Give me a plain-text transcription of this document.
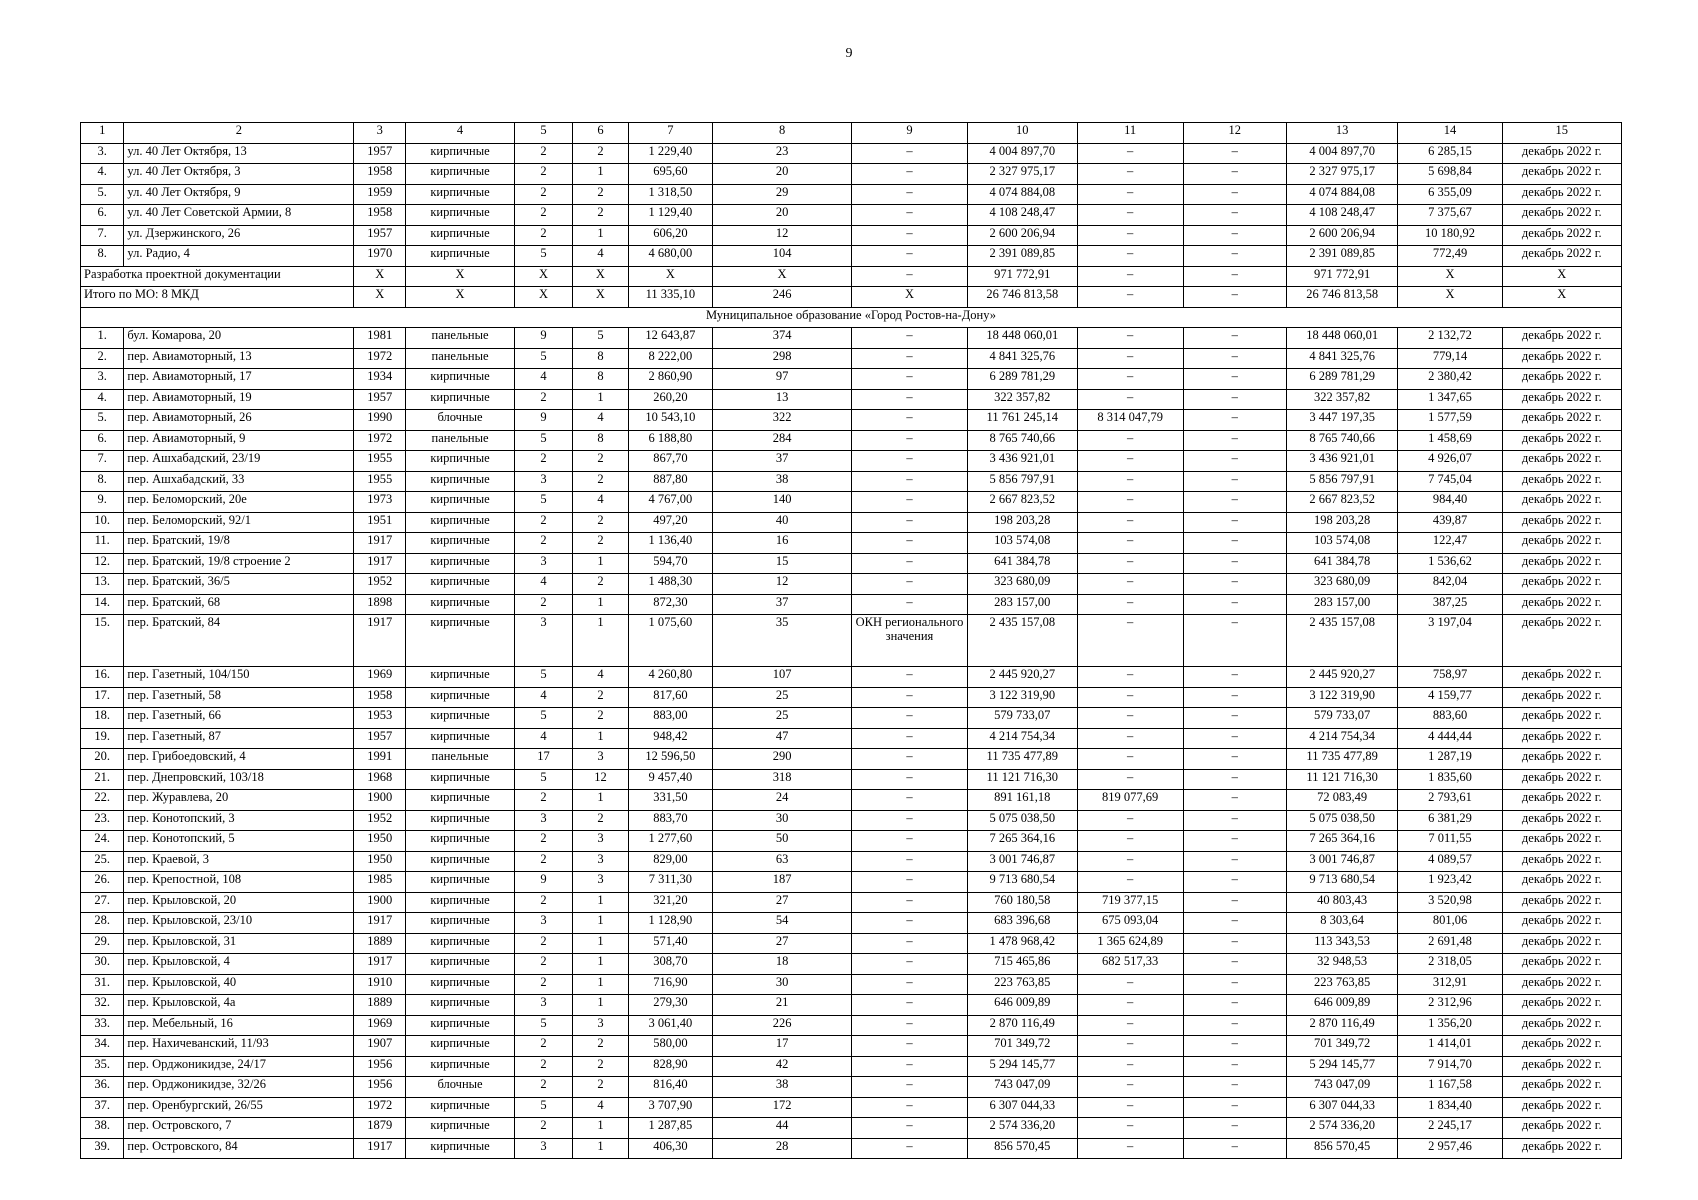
9
1	2	3	4	5	6	7	8	9	10	11	12	13	14	15
3.	ул. 40 Лет Октября, 13	1957	кирпичные	2	2	1 229,40	23	–	4 004 897,70	–	–	4 004 897,70	6 285,15	декабрь 2022 г.
4.	ул. 40 Лет Октября, 3	1958	кирпичные	2	1	695,60	20	–	2 327 975,17	–	–	2 327 975,17	5 698,84	декабрь 2022 г.
5.	ул. 40 Лет Октября, 9	1959	кирпичные	2	2	1 318,50	29	–	4 074 884,08	–	–	4 074 884,08	6 355,09	декабрь 2022 г.
6.	ул. 40 Лет Советской Армии, 8	1958	кирпичные	2	2	1 129,40	20	–	4 108 248,47	–	–	4 108 248,47	7 375,67	декабрь 2022 г.
7.	ул. Дзержинского, 26	1957	кирпичные	2	1	606,20	12	–	2 600 206,94	–	–	2 600 206,94	10 180,92	декабрь 2022 г.
8.	ул. Радио, 4	1970	кирпичные	5	4	4 680,00	104	–	2 391 089,85	–	–	2 391 089,85	772,49	декабрь 2022 г.
Разработка проектной документации		X	X	X	X	X	X	–	971 772,91	–	–	971 772,91	X	X
Итого по МО: 8 МКД		X	X	X	X	11 335,10	246	X	26 746 813,58	–	–	26 746 813,58	X	X
Муниципальное образование «Город Ростов-на-Дону»														
1.	бул. Комарова, 20	1981	панельные	9	5	12 643,87	374	–	18 448 060,01	–	–	18 448 060,01	2 132,72	декабрь 2022 г.
2.	пер. Авиамоторный, 13	1972	панельные	5	8	8 222,00	298	–	4 841 325,76	–	–	4 841 325,76	779,14	декабрь 2022 г.
3.	пер. Авиамоторный, 17	1934	кирпичные	4	8	2 860,90	97	–	6 289 781,29	–	–	6 289 781,29	2 380,42	декабрь 2022 г.
4.	пер. Авиамоторный, 19	1957	кирпичные	2	1	260,20	13	–	322 357,82	–	–	322 357,82	1 347,65	декабрь 2022 г.
5.	пер. Авиамоторный, 26	1990	блочные	9	4	10 543,10	322	–	11 761 245,14	8 314 047,79	–	3 447 197,35	1 577,59	декабрь 2022 г.
6.	пер. Авиамоторный, 9	1972	панельные	5	8	6 188,80	284	–	8 765 740,66	–	–	8 765 740,66	1 458,69	декабрь 2022 г.
7.	пер. Ашхабадский, 23/19	1955	кирпичные	2	2	867,70	37	–	3 436 921,01	–	–	3 436 921,01	4 926,07	декабрь 2022 г.
8.	пер. Ашхабадский, 33	1955	кирпичные	3	2	887,80	38	–	5 856 797,91	–	–	5 856 797,91	7 745,04	декабрь 2022 г.
9.	пер. Беломорский, 20е	1973	кирпичные	5	4	4 767,00	140	–	2 667 823,52	–	–	2 667 823,52	984,40	декабрь 2022 г.
10.	пер. Беломорский, 92/1	1951	кирпичные	2	2	497,20	40	–	198 203,28	–	–	198 203,28	439,87	декабрь 2022 г.
11.	пер. Братский, 19/8	1917	кирпичные	2	2	1 136,40	16	–	103 574,08	–	–	103 574,08	122,47	декабрь 2022 г.
12.	пер. Братский, 19/8 строение 2	1917	кирпичные	3	1	594,70	15	–	641 384,78	–	–	641 384,78	1 536,62	декабрь 2022 г.
13.	пер. Братский, 36/5	1952	кирпичные	4	2	1 488,30	12	–	323 680,09	–	–	323 680,09	842,04	декабрь 2022 г.
14.	пер. Братский, 68	1898	кирпичные	2	1	872,30	37	–	283 157,00	–	–	283 157,00	387,25	декабрь 2022 г.
15.	пер. Братский, 84	1917	кирпичные	3	1	1 075,60	35	ОКН регионального значения	2 435 157,08	–	–	2 435 157,08	3 197,04	декабрь 2022 г.
16.	пер. Газетный, 104/150	1969	кирпичные	5	4	4 260,80	107	–	2 445 920,27	–	–	2 445 920,27	758,97	декабрь 2022 г.
17.	пер. Газетный, 58	1958	кирпичные	4	2	817,60	25	–	3 122 319,90	–	–	3 122 319,90	4 159,77	декабрь 2022 г.
18.	пер. Газетный, 66	1953	кирпичные	5	2	883,00	25	–	579 733,07	–	–	579 733,07	883,60	декабрь 2022 г.
19.	пер. Газетный, 87	1957	кирпичные	4	1	948,42	47	–	4 214 754,34	–	–	4 214 754,34	4 444,44	декабрь 2022 г.
20.	пер. Грибоедовский, 4	1991	панельные	17	3	12 596,50	290	–	11 735 477,89	–	–	11 735 477,89	1 287,19	декабрь 2022 г.
21.	пер. Днепровский, 103/18	1968	кирпичные	5	12	9 457,40	318	–	11 121 716,30	–	–	11 121 716,30	1 835,60	декабрь 2022 г.
22.	пер. Журавлева, 20	1900	кирпичные	2	1	331,50	24	–	891 161,18	819 077,69	–	72 083,49	2 793,61	декабрь 2022 г.
23.	пер. Конотопский, 3	1952	кирпичные	3	2	883,70	30	–	5 075 038,50	–	–	5 075 038,50	6 381,29	декабрь 2022 г.
24.	пер. Конотопский, 5	1950	кирпичные	2	3	1 277,60	50	–	7 265 364,16	–	–	7 265 364,16	7 011,55	декабрь 2022 г.
25.	пер. Краевой, 3	1950	кирпичные	2	3	829,00	63	–	3 001 746,87	–	–	3 001 746,87	4 089,57	декабрь 2022 г.
26.	пер. Крепостной, 108	1985	кирпичные	9	3	7 311,30	187	–	9 713 680,54	–	–	9 713 680,54	1 923,42	декабрь 2022 г.
27.	пер. Крыловской, 20	1900	кирпичные	2	1	321,20	27	–	760 180,58	719 377,15	–	40 803,43	3 520,98	декабрь 2022 г.
28.	пер. Крыловской, 23/10	1917	кирпичные	3	1	1 128,90	54	–	683 396,68	675 093,04	–	8 303,64	801,06	декабрь 2022 г.
29.	пер. Крыловской, 31	1889	кирпичные	2	1	571,40	27	–	1 478 968,42	1 365 624,89	–	113 343,53	2 691,48	декабрь 2022 г.
30.	пер. Крыловской, 4	1917	кирпичные	2	1	308,70	18	–	715 465,86	682 517,33	–	32 948,53	2 318,05	декабрь 2022 г.
31.	пер. Крыловской, 40	1910	кирпичные	2	1	716,90	30	–	223 763,85	–	–	223 763,85	312,91	декабрь 2022 г.
32.	пер. Крыловской, 4а	1889	кирпичные	3	1	279,30	21	–	646 009,89	–	–	646 009,89	2 312,96	декабрь 2022 г.
33.	пер. Мебельный, 16	1969	кирпичные	5	3	3 061,40	226	–	2 870 116,49	–	–	2 870 116,49	1 356,20	декабрь 2022 г.
34.	пер. Нахичеванский, 11/93	1907	кирпичные	2	2	580,00	17	–	701 349,72	–	–	701 349,72	1 414,01	декабрь 2022 г.
35.	пер. Орджоникидзе, 24/17	1956	кирпичные	2	2	828,90	42	–	5 294 145,77	–	–	5 294 145,77	7 914,70	декабрь 2022 г.
36.	пер. Орджоникидзе, 32/26	1956	блочные	2	2	816,40	38	–	743 047,09	–	–	743 047,09	1 167,58	декабрь 2022 г.
37.	пер. Оренбургский, 26/55	1972	кирпичные	5	4	3 707,90	172	–	6 307 044,33	–	–	6 307 044,33	1 834,40	декабрь 2022 г.
38.	пер. Островского, 7	1879	кирпичные	2	1	1 287,85	44	–	2 574 336,20	–	–	2 574 336,20	2 245,17	декабрь 2022 г.
39.	пер. Островского, 84	1917	кирпичные	3	1	406,30	28	–	856 570,45	–	–	856 570,45	2 957,46	декабрь 2022 г.
